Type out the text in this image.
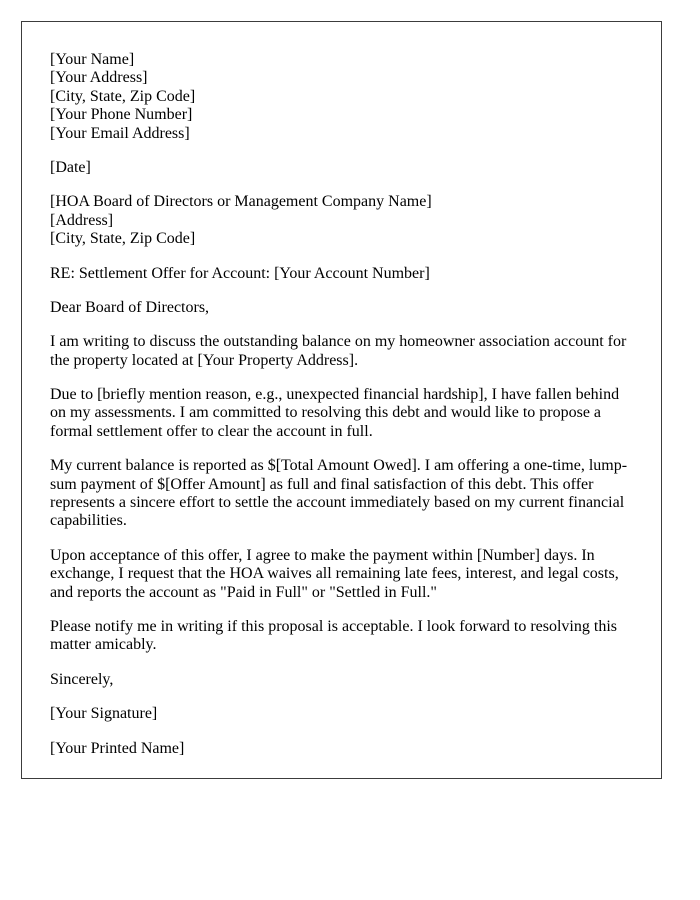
[Your Name]
[Your Address]
[City, State, Zip Code]
[Your Phone Number]
[Your Email Address]
[Date]
[HOA Board of Directors or Management Company Name]
[Address]
[City, State, Zip Code]
RE: Settlement Offer for Account: [Your Account Number]
Dear Board of Directors,
I am writing to discuss the outstanding balance on my homeowner association account for the property located at [Your Property Address].
Due to [briefly mention reason, e.g., unexpected financial hardship], I have fallen behind on my assessments. I am committed to resolving this debt and would like to propose a formal settlement offer to clear the account in full.
My current balance is reported as $[Total Amount Owed]. I am offering a one-time, lump-sum payment of $[Offer Amount] as full and final satisfaction of this debt. This offer represents a sincere effort to settle the account immediately based on my current financial capabilities.
Upon acceptance of this offer, I agree to make the payment within [Number] days. In exchange, I request that the HOA waives all remaining late fees, interest, and legal costs, and reports the account as "Paid in Full" or "Settled in Full."
Please notify me in writing if this proposal is acceptable. I look forward to resolving this matter amicably.
Sincerely,
[Your Signature]
[Your Printed Name]
